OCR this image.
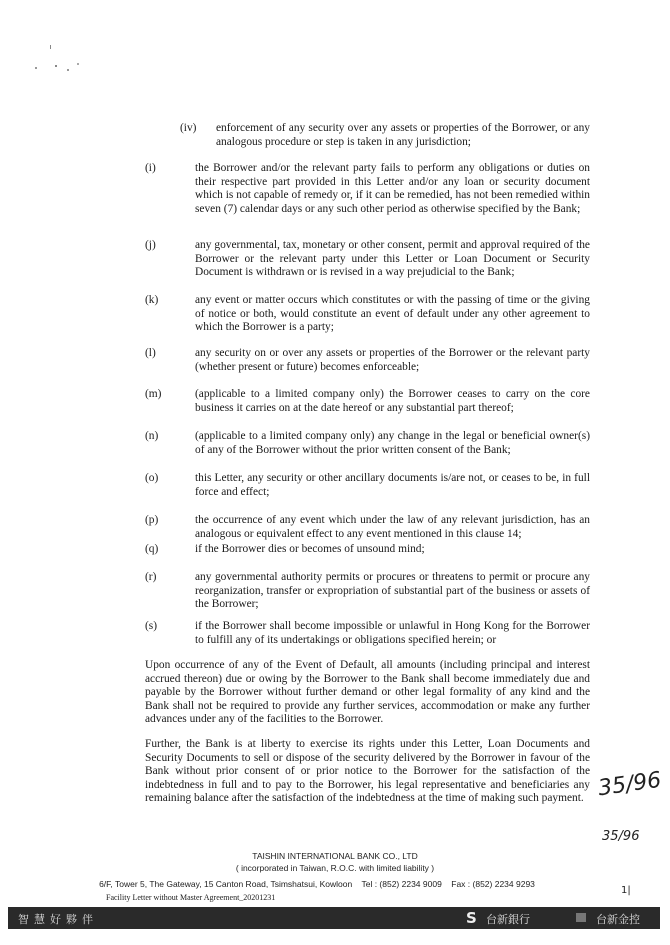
(iv) enforcement of any security over any assets or properties of the Borrower, or any analogous procedure or step is taken in any jurisdiction;
(i)	the Borrower and/or the relevant party fails to perform any obligations or duties on their respective part provided in this Letter and/or any loan or security document which is not capable of remedy or, if it can be remedied, has not been remedied within seven (7) calendar days or any such other period as otherwise specified by the Bank;
(j)	any governmental, tax, monetary or other consent, permit and approval required of the Borrower or the relevant party under this Letter or Loan Document or Security Document is withdrawn or is revised in a way prejudicial to the Bank;
(k)	any event or matter occurs which constitutes or with the passing of time or the giving of notice or both, would constitute an event of default under any other agreement to which the Borrower is a party;
(l)	any security on or over any assets or properties of the Borrower or the relevant party (whether present or future) becomes enforceable;
(m)	(applicable to a limited company only) the Borrower ceases to carry on the core business it carries on at the date hereof or any substantial part thereof;
(n)	(applicable to a limited company only) any change in the legal or beneficial owner(s) of any of the Borrower without the prior written consent of the Bank;
(o)	this Letter, any security or other ancillary documents is/are not, or ceases to be, in full force and effect;
(p)	the occurrence of any event which under the law of any relevant jurisdiction, has an analogous or equivalent effect to any event mentioned in this clause 14;
(q)	if the Borrower dies or becomes of unsound mind;
(r)	any governmental authority permits or procures or threatens to permit or procure any reorganization, transfer or expropriation of substantial part of the business or assets of the Borrower;
(s)	if the Borrower shall become impossible or unlawful in Hong Kong for the Borrower to fulfill any of its undertakings or obligations specified herein; or
Upon occurrence of any of the Event of Default, all amounts (including principal and interest accrued thereon) due or owing by the Borrower to the Bank shall become immediately due and payable by the Borrower without further demand or other legal formality of any kind and the Bank shall not be required to provide any further services, accommodation or make any further advances under any of the facilities to the Borrower.
Further, the Bank is at liberty to exercise its rights under this Letter, Loan Documents and Security Documents to sell or dispose of the security delivered by the Borrower in favour of the Bank without prior consent of or prior notice to the Borrower for the satisfaction of the indebtedness in full and to pay to the Borrower, his legal representative and beneficiaries any remaining balance after the satisfaction of the indebtedness at the time of making such payment. 35/96
35/96
1|
TAISHIN INTERNATIONAL BANK CO., LTD
( incorporated in Taiwan, R.O.C. with limited liability )
6/F, Tower 5, The Gateway, 15 Canton Road, Tsimshatsui, Kowloon Tel : (852) 2234 9009 Fax : (852) 2234 9293
Facility Letter without Master Agreement_20201231
智慧好夥伴	S 台新銀行	台新金控
